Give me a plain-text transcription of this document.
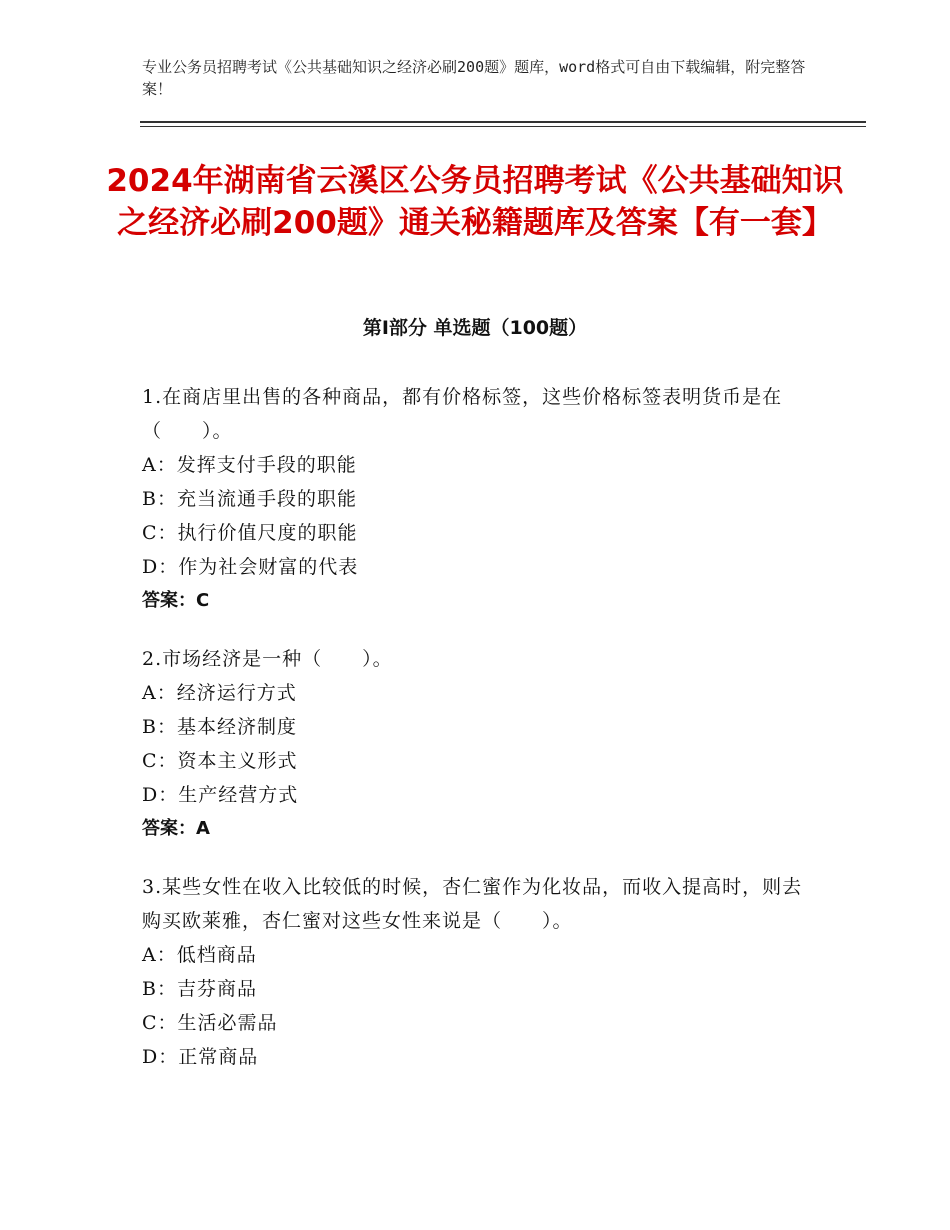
专业公务员招聘考试《公共基础知识之经济必刷200题》题库，word格式可自由下载编辑，附完整答案！
2024年湖南省云溪区公务员招聘考试《公共基础知识之经济必刷200题》通关秘籍题库及答案【有一套】
第Ⅰ部分 单选题（100题）
1.在商店里出售的各种商品，都有价格标签，这些价格标签表明货币是在（　　）。
A：发挥支付手段的职能
B：充当流通手段的职能
C：执行价值尺度的职能
D：作为社会财富的代表
答案：C
2.市场经济是一种（　　）。
A：经济运行方式
B：基本经济制度
C：资本主义形式
D：生产经营方式
答案：A
3.某些女性在收入比较低的时候，杏仁蜜作为化妆品，而收入提高时，则去购买欧莱雅，杏仁蜜对这些女性来说是（　　）。
A：低档商品
B：吉芬商品
C：生活必需品
D：正常商品
